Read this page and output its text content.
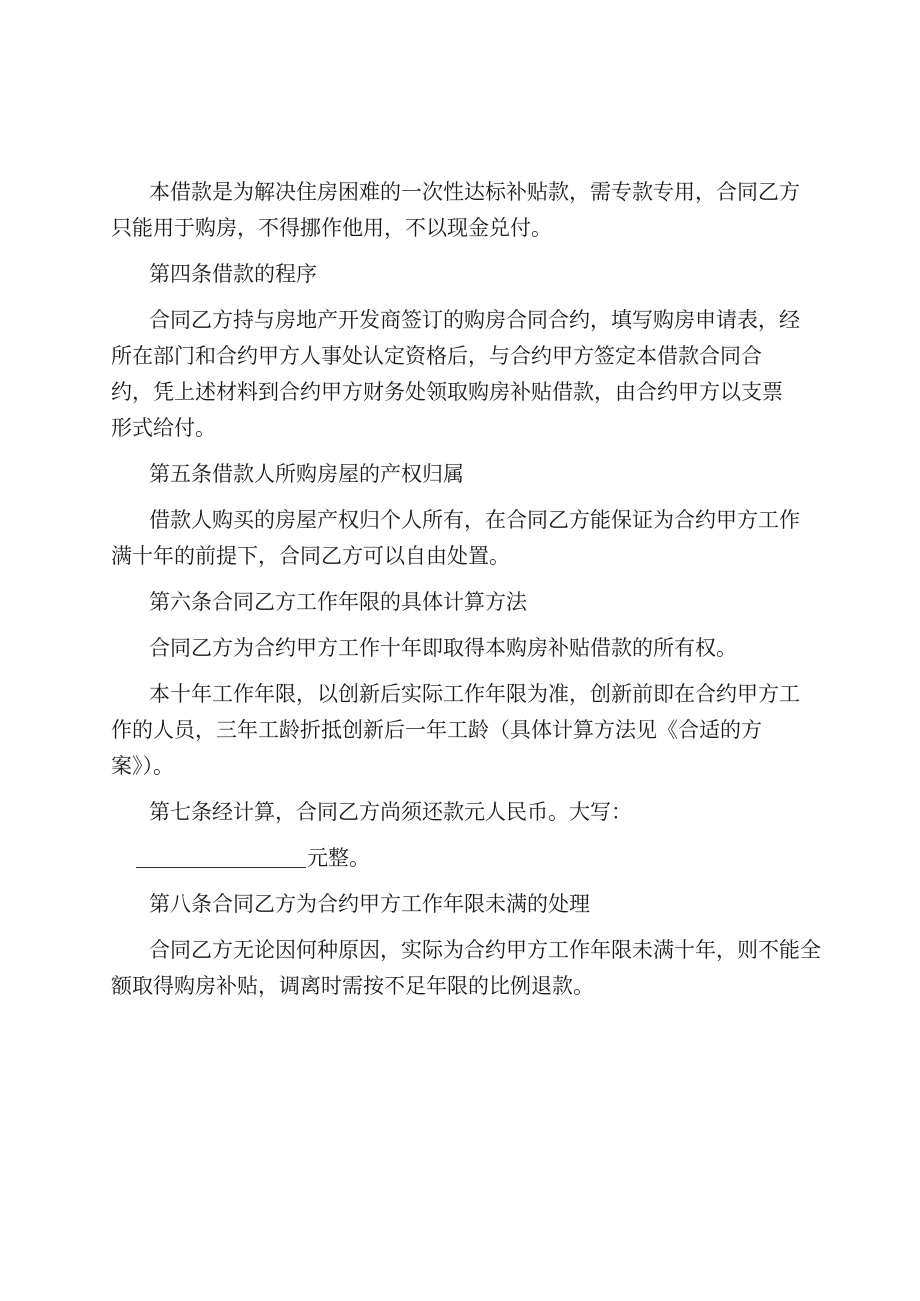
本借款是为解决住房困难的一次性达标补贴款，需专款专用，合同乙方
只能用于购房，不得挪作他用，不以现金兑付。
第四条借款的程序
合同乙方持与房地产开发商签订的购房合同合约，填写购房申请表，经
所在部门和合约甲方人事处认定资格后，与合约甲方签定本借款合同合
约，凭上述材料到合约甲方财务处领取购房补贴借款，由合约甲方以支票
形式给付。
第五条借款人所购房屋的产权归属
借款人购买的房屋产权归个人所有，在合同乙方能保证为合约甲方工作
满十年的前提下，合同乙方可以自由处置。
第六条合同乙方工作年限的具体计算方法
合同乙方为合约甲方工作十年即取得本购房补贴借款的所有权。
本十年工作年限，以创新后实际工作年限为准，创新前即在合约甲方工
作的人员，三年工龄折抵创新后一年工龄（具体计算方法见《合适的方
案》）。
第七条经计算，合同乙方尚须还款元人民币。大写：
元整。
第八条合同乙方为合约甲方工作年限未满的处理
合同乙方无论因何种原因，实际为合约甲方工作年限未满十年，则不能全
额取得购房补贴，调离时需按不足年限的比例退款。
